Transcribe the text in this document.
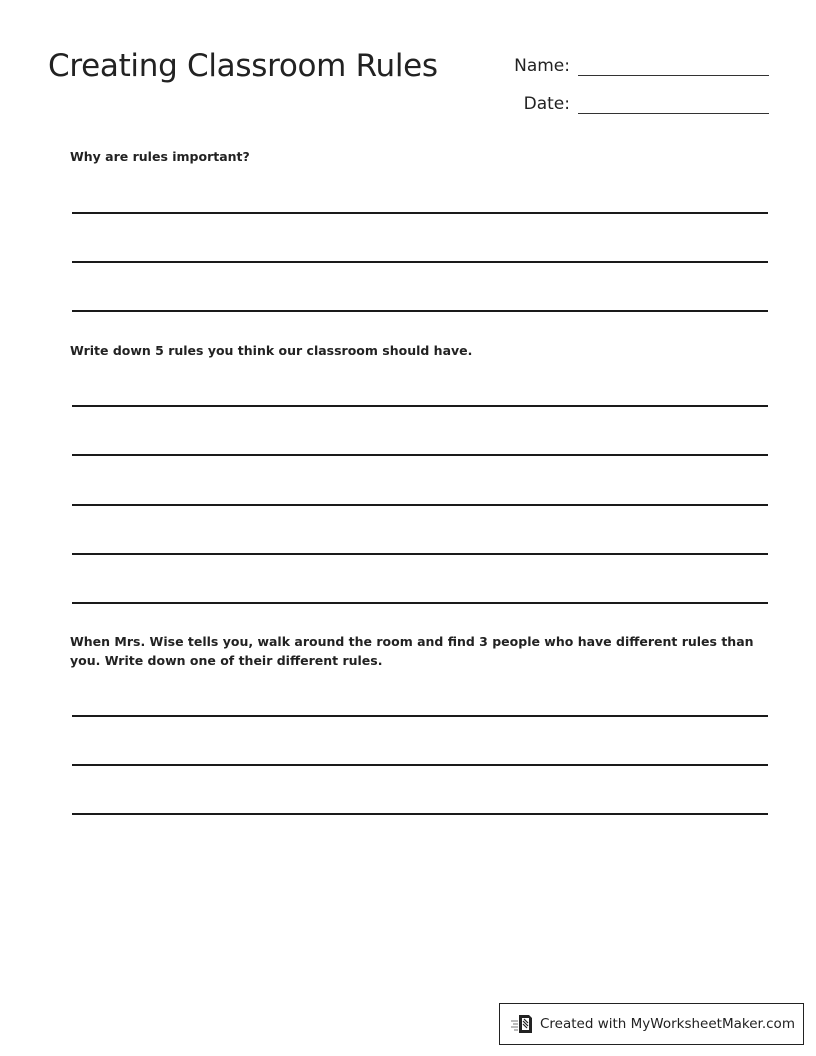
Creating Classroom Rules	Name:
Date:
Why are rules important?
Write down 5 rules you think our classroom should have.
When Mrs. Wise tells you, walk around the room and find 3 people who have different rules than you. Write down one of their different rules.
Created with MyWorksheetMaker.com
